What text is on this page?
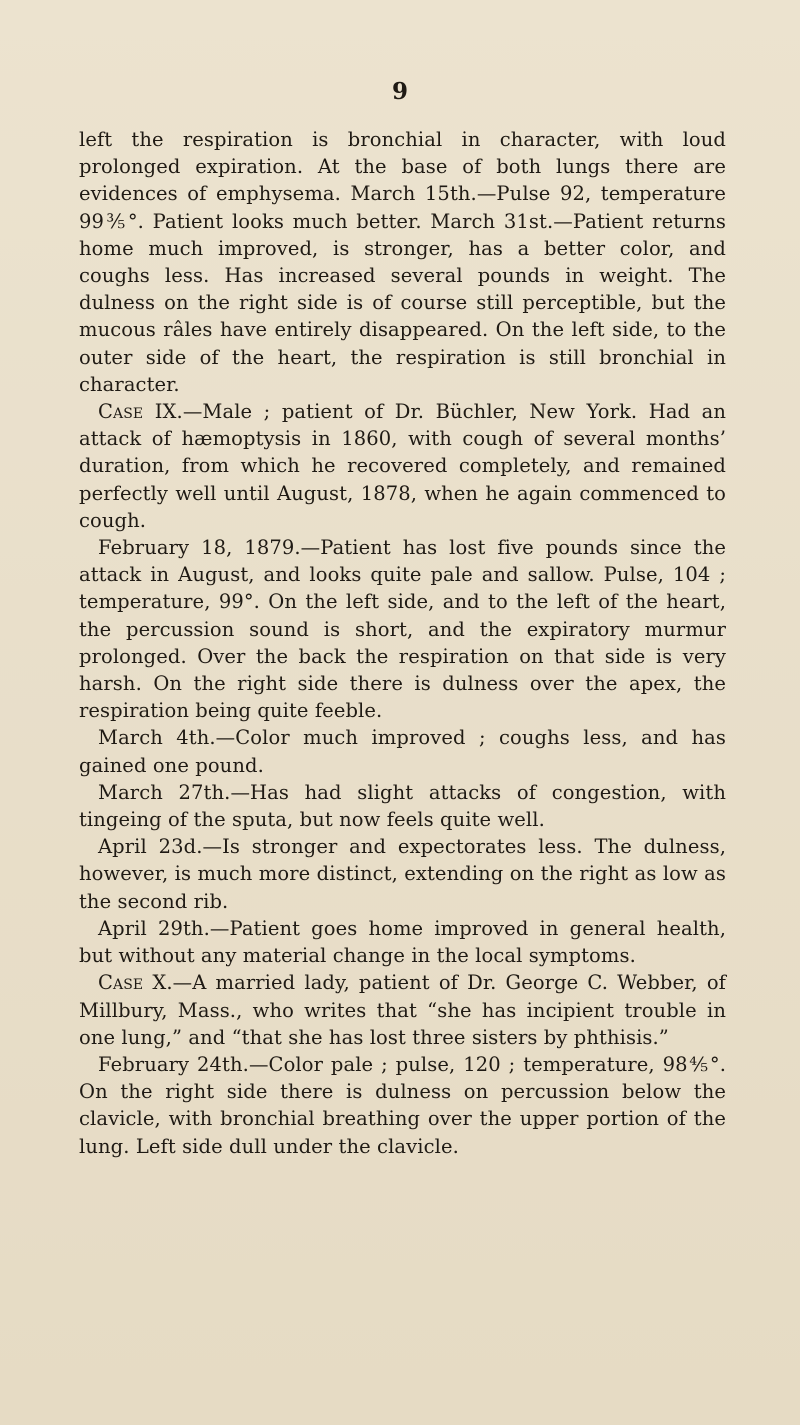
9

left the respiration is bronchial in character, with loud prolonged expiration. At the base of both lungs there are evidences of emphysema. March 15th.—Pulse 92, temperature 99⅗°. Patient looks much better. March 31st.—Patient returns home much improved, is stronger, has a better color, and coughs less. Has increased several pounds in weight. The dulness on the right side is of course still perceptible, but the mucous râles have entirely disappeared. On the left side, to the outer side of the heart, the respiration is still bronchial in character.

Case IX.—Male ; patient of Dr. Büchler, New York. Had an attack of hæmoptysis in 1860, with cough of several months’ duration, from which he recovered completely, and remained perfectly well until August, 1878, when he again commenced to cough.

February 18, 1879.—Patient has lost five pounds since the attack in August, and looks quite pale and sallow. Pulse, 104 ; temperature, 99°. On the left side, and to the left of the heart, the percussion sound is short, and the expiratory murmur prolonged. Over the back the respiration on that side is very harsh. On the right side there is dulness over the apex, the respiration being quite feeble.

March 4th.—Color much improved ; coughs less, and has gained one pound.

March 27th.—Has had slight attacks of congestion, with tingeing of the sputa, but now feels quite well.

April 23d.—Is stronger and expectorates less. The dulness, however, is much more distinct, extending on the right as low as the second rib.

April 29th.—Patient goes home improved in general health, but without any material change in the local symptoms.

Case X.—A married lady, patient of Dr. George C. Webber, of Millbury, Mass., who writes that “she has incipient trouble in one lung,” and “that she has lost three sisters by phthisis.”

February 24th.—Color pale ; pulse, 120 ; temperature, 98⅘°. On the right side there is dulness on percussion below the clavicle, with bronchial breathing over the upper portion of the lung. Left side dull under the clavicle.
